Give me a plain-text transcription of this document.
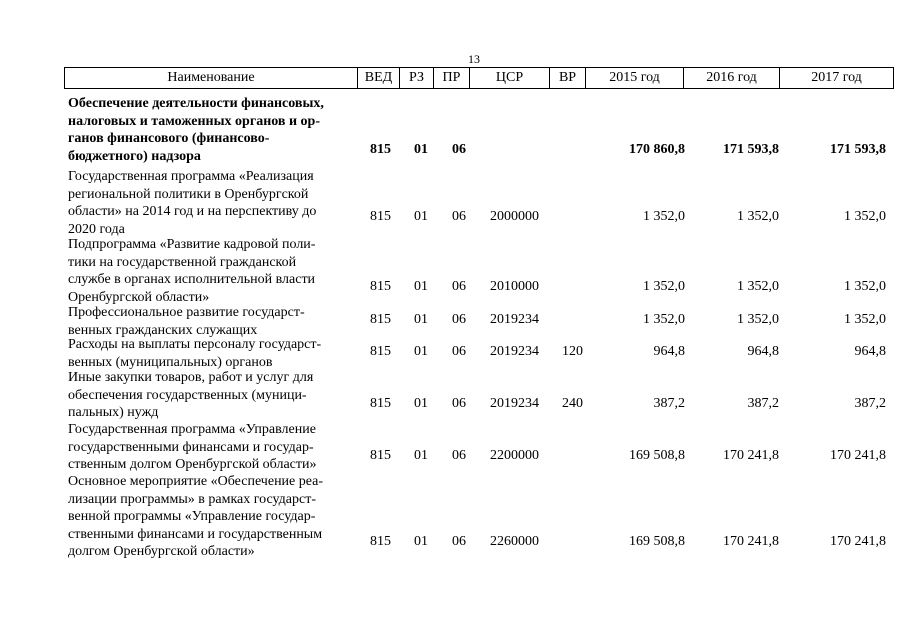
13
Наименование	ВЕД	РЗ	ПР	ЦСР	ВР	2015 год	2016 год	2017 год
Обеспечение деятельности финансовых,
налоговых и таможенных органов и ор-
ганов финансового (финансово-
бюджетного) надзора	815 01 06	170 860,8	171 593,8	171 593,8
Государственная программа «Реализация
региональной политики в Оренбургской
области» на 2014 год и на перспективу до
2020 года
815 01 06 2000000	1 352,0	1 352,0	1 352,0
Подпрограмма «Развитие кадровой поли-
тики на государственной гражданской
службе в органах исполнительной власти
Оренбургской области»
815 01 06 2010000	1 352,0	1 352,0	1 352,0
Профессиональное развитие государст-
венных гражданских служащих
815 01 06 2019234	1 352,0	1 352,0	1 352,0
Расходы на выплаты персоналу государст-
венных (муниципальных) органов
815 01 06 2019234 120	964,8	964,8	964,8
Иные закупки товаров, работ и услуг для
обеспечения государственных (муници-
пальных) нужд
815 01 06 2019234 240	387,2	387,2	387,2
Государственная программа «Управление
государственными финансами и государ-
ственным долгом Оренбургской области»
815 01 06 2200000	169 508,8	170 241,8	170 241,8
Основное мероприятие «Обеспечение реа-
лизации программы» в рамках государст-
венной программы «Управление государ-
ственными финансами и государственным
долгом Оренбургской области»
815 01 06 2260000	169 508,8	170 241,8	170 241,8
